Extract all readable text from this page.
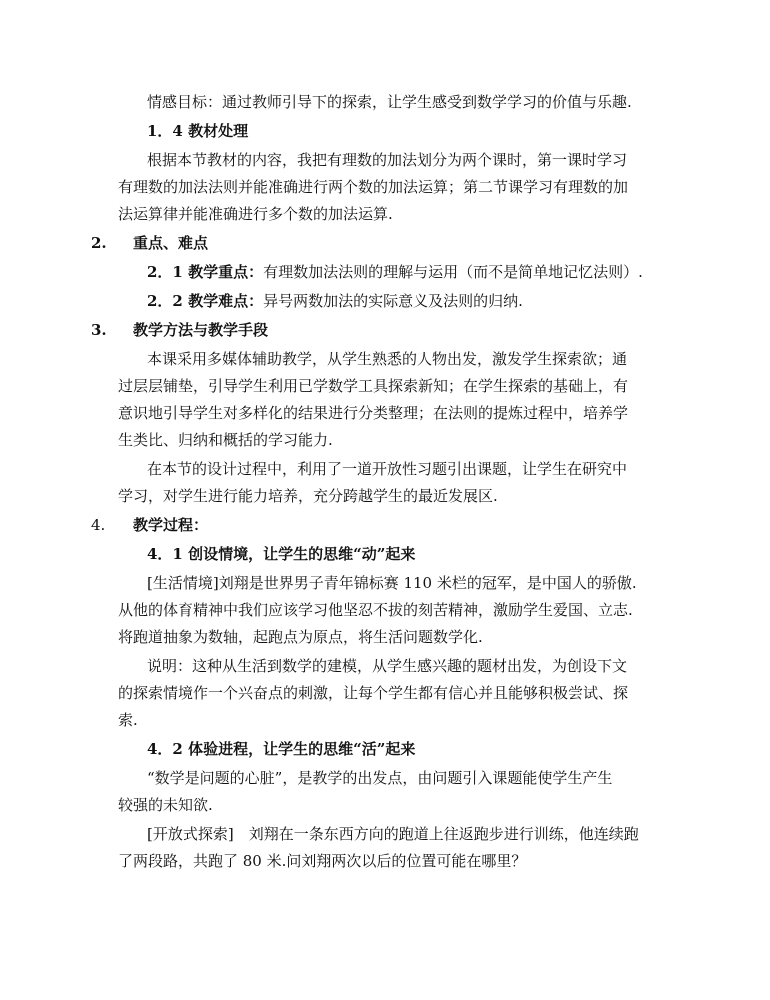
情感目标：通过教师引导下的探索，让学生感受到数学学习的价值与乐趣.
1．4 教材处理
根据本节教材的内容，我把有理数的加法划分为两个课时，第一课时学习
有理数的加法法则并能准确进行两个数的加法运算；第二节课学习有理数的加
法运算律并能准确进行多个数的加法运算.
2. 重点、难点
2．1 教学重点：有理数加法法则的理解与运用（而不是简单地记忆法则）.
2．2 教学难点：异号两数加法的实际意义及法则的归纳.
3. 教学方法与教学手段
本课采用多媒体辅助教学，从学生熟悉的人物出发，激发学生探索欲；通
过层层铺垫，引导学生利用已学数学工具探索新知；在学生探索的基础上，有
意识地引导学生对多样化的结果进行分类整理；在法则的提炼过程中，培养学
生类比、归纳和概括的学习能力.
在本节的设计过程中，利用了一道开放性习题引出课题，让学生在研究中
学习，对学生进行能力培养，充分跨越学生的最近发展区.
4. 教学过程：
4．1 创设情境，让学生的思维“动”起来
[生活情境]刘翔是世界男子青年锦标赛 110 米栏的冠军，是中国人的骄傲.
从他的体育精神中我们应该学习他坚忍不拔的刻苦精神，激励学生爱国、立志.
将跑道抽象为数轴，起跑点为原点，将生活问题数学化.
说明：这种从生活到数学的建模，从学生感兴趣的题材出发，为创设下文
的探索情境作一个兴奋点的刺激，让每个学生都有信心并且能够积极尝试、探
索.
4．2 体验进程，让学生的思维“活”起来
“数学是问题的心脏”，是教学的出发点，由问题引入课题能使学生产生
较强的未知欲.
[开放式探索]　刘翔在一条东西方向的跑道上往返跑步进行训练，他连续跑
了两段路，共跑了 80 米.问刘翔两次以后的位置可能在哪里？
